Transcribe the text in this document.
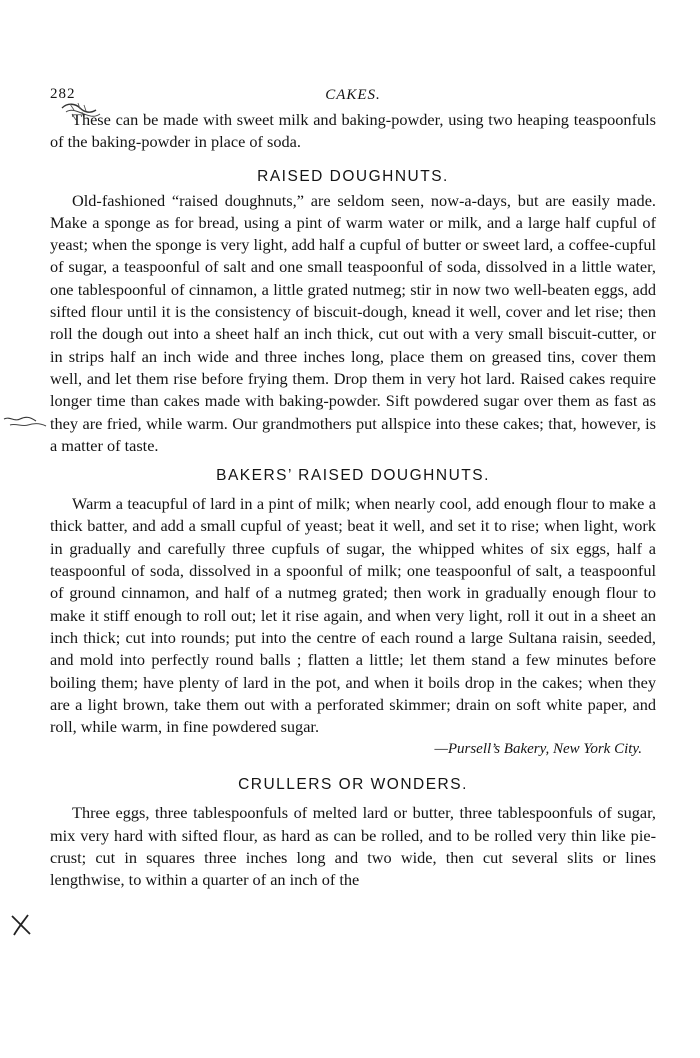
282	CAKES.

These can be made with sweet milk and baking-powder, using two heaping teaspoonfuls of the baking-powder in place of soda.

RAISED DOUGHNUTS.

Old-fashioned “raised doughnuts,” are seldom seen, now-a-days, but are easily made. Make a sponge as for bread, using a pint of warm water or milk, and a large half cupful of yeast; when the sponge is very light, add half a cupful of butter or sweet lard, a coffee-cupful of sugar, a teaspoonful of salt and one small teaspoonful of soda, dissolved in a little water, one tablespoonful of cinnamon, a little grated nutmeg; stir in now two well-beaten eggs, add sifted flour until it is the consistency of biscuit-dough, knead it well, cover and let rise; then roll the dough out into a sheet half an inch thick, cut out with a very small biscuit-cutter, or in strips half an inch wide and three inches long, place them on greased tins, cover them well, and let them rise before frying them. Drop them in very hot lard. Raised cakes require longer time than cakes made with baking-powder. Sift powdered sugar over them as fast as they are fried, while warm. Our grandmothers put allspice into these cakes; that, however, is a matter of taste.

BAKERS’ RAISED DOUGHNUTS.

Warm a teacupful of lard in a pint of milk; when nearly cool, add enough flour to make a thick batter, and add a small cupful of yeast; beat it well, and set it to rise; when light, work in gradually and carefully three cupfuls of sugar, the whipped whites of six eggs, half a teaspoonful of soda, dissolved in a spoonful of milk; one teaspoonful of salt, a teaspoonful of ground cinnamon, and half of a nutmeg grated; then work in gradually enough flour to make it stiff enough to roll out; let it rise again, and when very light, roll it out in a sheet an inch thick; cut into rounds; put into the centre of each round a large Sultana raisin, seeded, and mold into perfectly round balls ; flatten a little; let them stand a few minutes before boiling them; have plenty of lard in the pot, and when it boils drop in the cakes; when they are a light brown, take them out with a perforated skimmer; drain on soft white paper, and roll, while warm, in fine powdered sugar.

—Pursell’s Bakery, New York City.
CRULLERS OR WONDERS.

Three eggs, three tablespoonfuls of melted lard or butter, three tablespoonfuls of sugar, mix very hard with sifted flour, as hard as can be rolled, and to be rolled very thin like pie-crust; cut in squares three inches long and two wide, then cut several slits or lines lengthwise, to within a quarter of an inch of the
